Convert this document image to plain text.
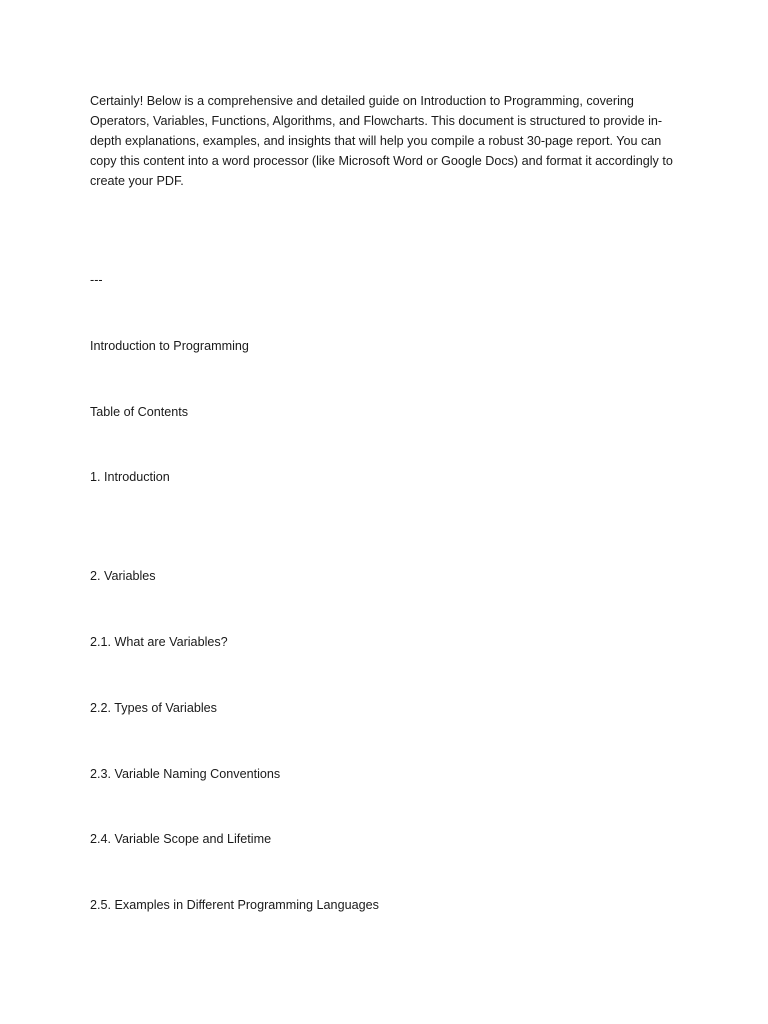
Certainly! Below is a comprehensive and detailed guide on Introduction to Programming, covering Operators, Variables, Functions, Algorithms, and Flowcharts. This document is structured to provide in-depth explanations, examples, and insights that will help you compile a robust 30-page report. You can copy this content into a word processor (like Microsoft Word or Google Docs) and format it accordingly to create your PDF.

---

Introduction to Programming

Table of Contents

1. Introduction

2. Variables

2.1. What are Variables?

2.2. Types of Variables

2.3. Variable Naming Conventions

2.4. Variable Scope and Lifetime

2.5. Examples in Different Programming Languages
